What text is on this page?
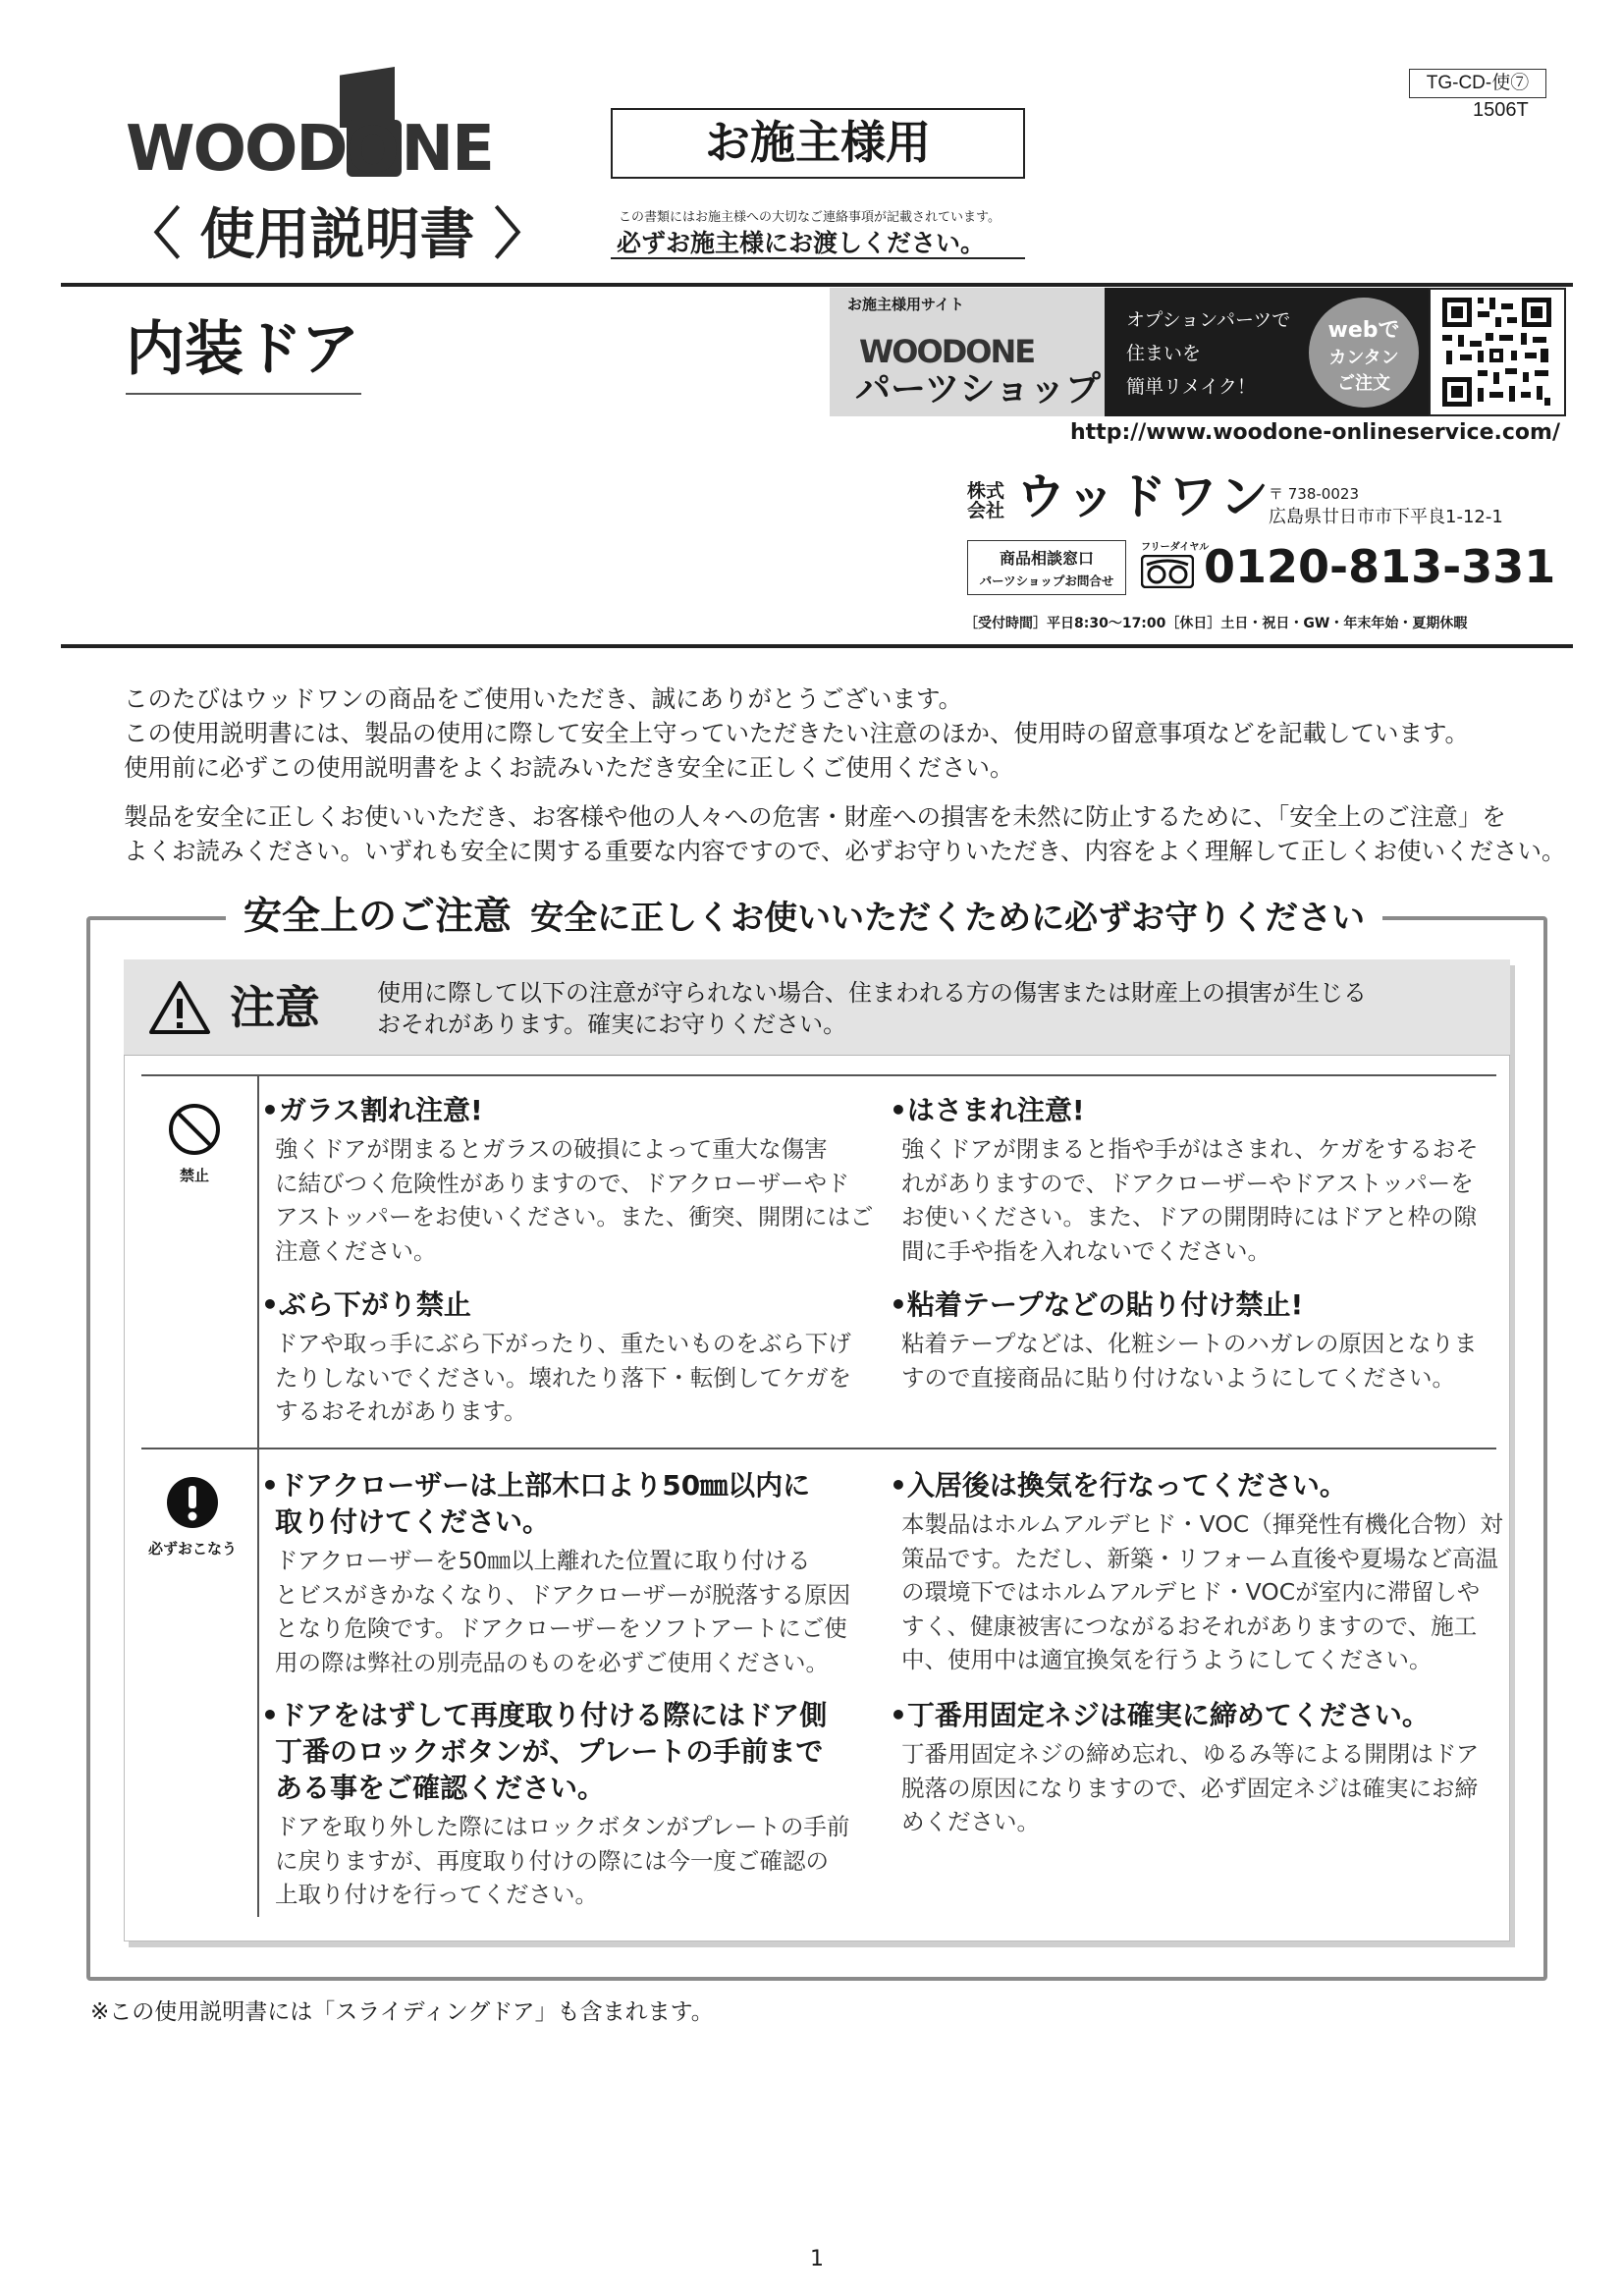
WOODONE
〈 使用説明書 〉
お施主様用
この書類にはお施主様への大切なご連絡事項が記載されています。
必ずお施主様にお渡しください。
TG-CD-使⑦
1506T
内装ドア
お施主様用サイト
WOODONE
パーツショップ
オプションパーツで
住まいを
簡単リメイク！
webで
カンタン
ご注文
http://www.woodone-onlineservice.com/
株式
会社 ウッドワン
〒 738-0023
広島県廿日市市下平良1-12-1
商品相談窓口
パーツショップお問合せ
フリーダイヤル
0120-813-331
［受付時間］平日8:30〜17:00［休日］土日・祝日・GW・年末年始・夏期休暇
このたびはウッドワンの商品をご使用いただき、誠にありがとうございます。
この使用説明書には、製品の使用に際して安全上守っていただきたい注意のほか、使用時の留意事項などを記載しています。
使用前に必ずこの使用説明書をよくお読みいただき安全に正しくご使用ください。
製品を安全に正しくお使いいただき、お客様や他の人々への危害・財産への損害を未然に防止するために、「安全上のご注意」を
よくお読みください。いずれも安全に関する重要な内容ですので、必ずお守りいただき、内容をよく理解して正しくお使いください。
安全上のご注意 安全に正しくお使いいただくために必ずお守りください
注意 使用に際して以下の注意が守られない場合、住まわれる方の傷害または財産上の損害が生じる
おそれがあります。確実にお守りください。
禁止
必ずおこなう
•ガラス割れ注意!
強くドアが閉まるとガラスの破損によって重大な傷害
に結びつく危険性がありますので、ドアクローザーやド
アストッパーをお使いください。また、衝突、開閉にはご
注意ください。
•はさまれ注意!
強くドアが閉まると指や手がはさまれ、ケガをするおそ
れがありますので、ドアクローザーやドアストッパーを
お使いください。また、ドアの開閉時にはドアと枠の隙
間に手や指を入れないでください。
•ぶら下がり禁止
ドアや取っ手にぶら下がったり、重たいものをぶら下げ
たりしないでください。壊れたり落下・転倒してケガを
するおそれがあります。
•粘着テープなどの貼り付け禁止!
粘着テープなどは、化粧シートのハガレの原因となりま
すので直接商品に貼り付けないようにしてください。
•ドアクローザーは上部木口より50㎜以内に
取り付けてください。
ドアクローザーを50㎜以上離れた位置に取り付ける
とビスがきかなくなり、ドアクローザーが脱落する原因
となり危険です。ドアクローザーをソフトアートにご使
用の際は弊社の別売品のものを必ずご使用ください。
•入居後は換気を行なってください。
本製品はホルムアルデヒド・VOC（揮発性有機化合物）対
策品です。ただし、新築・リフォーム直後や夏場など高温
の環境下ではホルムアルデヒド・VOCが室内に滞留しや
すく、健康被害につながるおそれがありますので、施工
中、使用中は適宜換気を行うようにしてください。
•ドアをはずして再度取り付ける際にはドア側
丁番のロックボタンが、プレートの手前まで
ある事をご確認ください。
ドアを取り外した際にはロックボタンがプレートの手前
に戻りますが、再度取り付けの際には今一度ご確認の
上取り付けを行ってください。
•丁番用固定ネジは確実に締めてください。
丁番用固定ネジの締め忘れ、ゆるみ等による開閉はドア
脱落の原因になりますので、必ず固定ネジは確実にお締
めください。
※この使用説明書には「スライディングドア」も含まれます。
1
